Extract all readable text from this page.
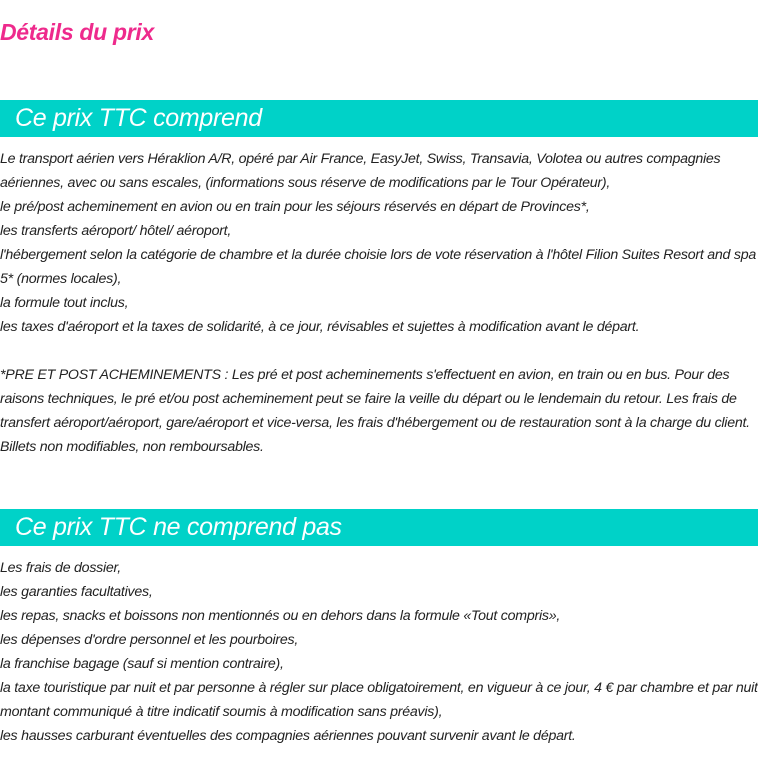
Détails du prix
Ce prix TTC comprend

Le transport aérien vers Héraklion A/R, opéré par Air France, EasyJet, Swiss, Transavia, Volotea ou autres compagnies aériennes, avec ou sans escales, (informations sous réserve de modifications par le Tour Opérateur),

le pré/post acheminement en avion ou en train pour les séjours réservés en départ de Provinces*,

les transferts aéroport/ hôtel/ aéroport,

l'hébergement selon la catégorie de chambre et la durée choisie lors de vote réservation à l'hôtel Filion Suites Resort and spa 5* (normes locales),

la formule tout inclus,

les taxes d'aéroport et la taxes de solidarité, à ce jour, révisables et sujettes à modification avant le départ.

*PRE ET POST ACHEMINEMENTS : Les pré et post acheminements s'effectuent en avion, en train ou en bus. Pour des raisons techniques, le pré et/ou post acheminement peut se faire la veille du départ ou le lendemain du retour. Les frais de transfert aéroport/aéroport, gare/aéroport et vice-versa, les frais d'hébergement ou de restauration sont à la charge du client. Billets non modifiables, non remboursables.

Ce prix TTC ne comprend pas

Les frais de dossier,

les garanties facultatives,

les repas, snacks et boissons non mentionnés ou en dehors dans la formule «Tout compris»,

les dépenses d'ordre personnel et les pourboires,

la franchise bagage (sauf si mention contraire),

la taxe touristique par nuit et par personne à régler sur place obligatoirement, en vigueur à ce jour, 4 € par chambre et par nuit montant communiqué à titre indicatif soumis à modification sans préavis),

les hausses carburant éventuelles des compagnies aériennes pouvant survenir avant le départ.
